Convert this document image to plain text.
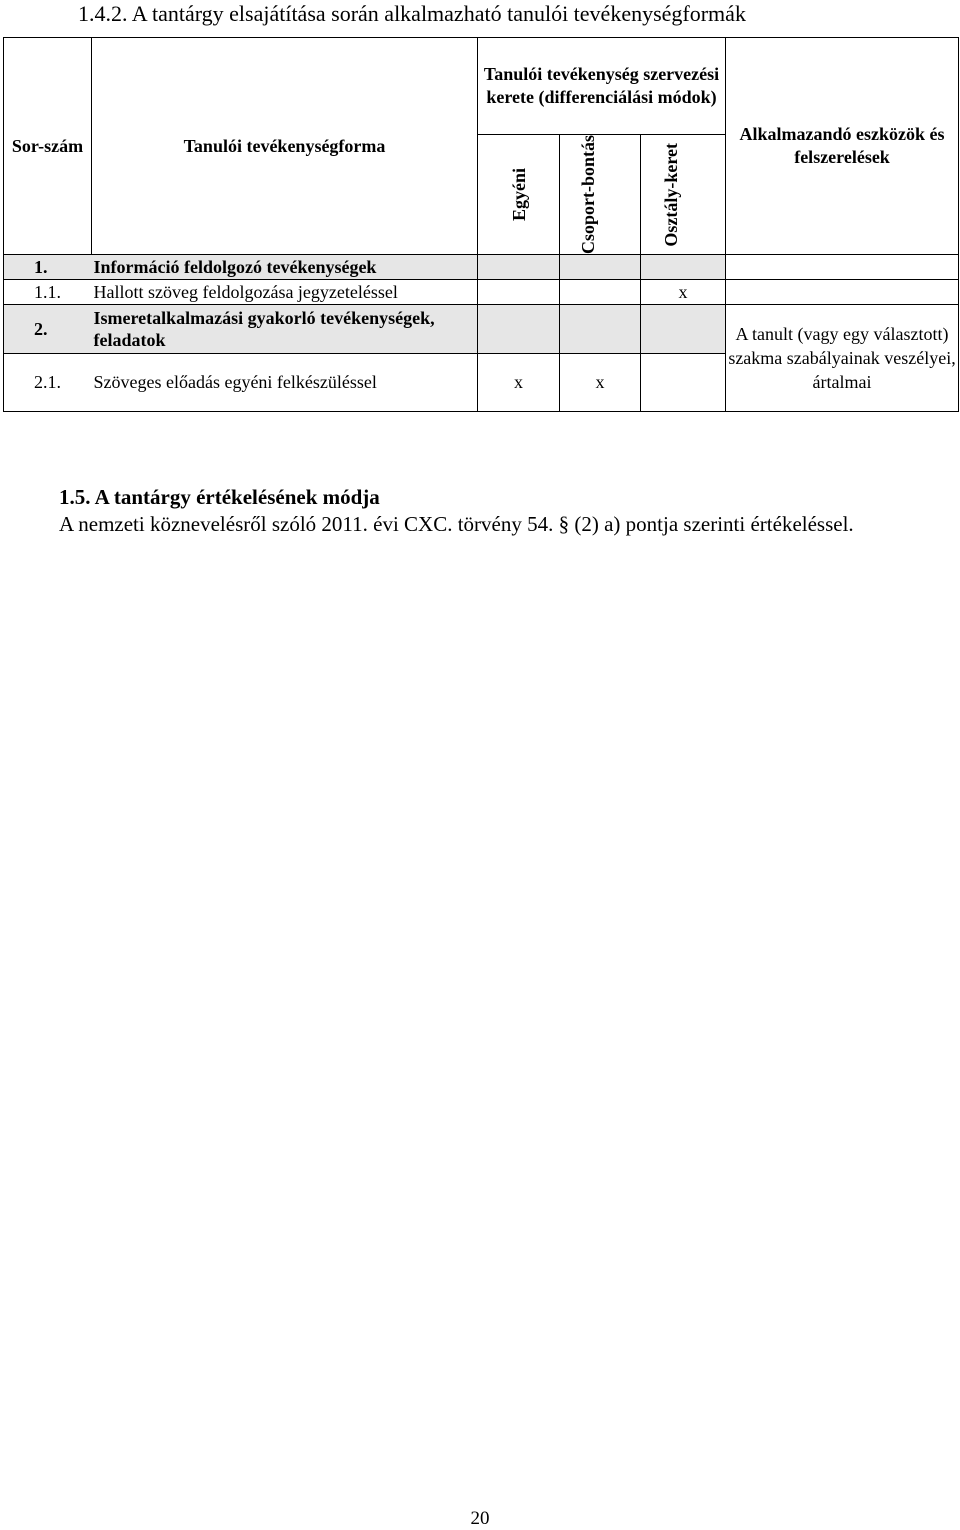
1.4.2. A tantárgy elsajátítása során alkalmazható tanulói tevékenységformák
Sor-szám	Tanulói tevékenységforma	Tanulói tevékenység szervezési kerete (differenciálási módok)			Alkalmazandó eszközök és felszerelések

		Egyéni	Csoport-bontás	Osztály-keret	

1.	Információ feldolgozó tevékenységek				
1.1.	Hallott szöveg feldolgozása jegyzeteléssel			x	
2.	Ismeretalkalmazási gyakorló tevékenységek, feladatok				A tanult (vagy egy választott) szakma szabályainak veszélyei, ártalmai
2.1.	Szöveges előadás egyéni felkészüléssel	x	x		
1.5. A tantárgy értékelésének módja
A nemzeti köznevelésről szóló 2011. évi CXC. törvény 54. § (2) a) pontja szerinti értékeléssel.
20
